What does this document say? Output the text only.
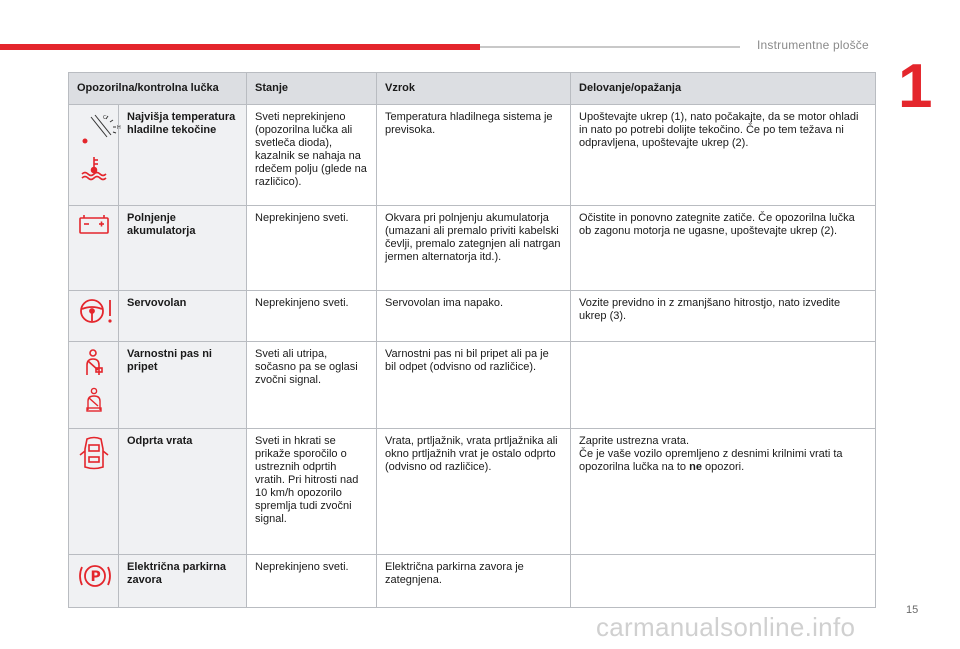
Instrumentne plošče
1
Opozorilna/kontrolna lučka		Stanje	Vzrok	Delovanje/opažanja

C
H	Najvišja temperatura hladilne tekočine	Sveti neprekinjeno (opozorilna lučka ali svetleča dioda), kazalnik se nahaja na rdečem polju (glede na različico).	Temperatura hladilnega sistema je previsoka.	Upoštevajte ukrep (1), nato počakajte, da se motor ohladi in nato po potrebi dolijte tekočino. Če po tem težava ni odpravljena, upoštevajte ukrep (2).

	Polnjenje akumulatorja	Neprekinjeno sveti.	Okvara pri polnjenju akumulatorja (umazani ali premalo priviti kabelski čevlji, premalo zategnjen ali natrgan jermen alternatorja itd.).	Očistite in ponovno zategnite zatiče. Če opozorilna lučka ob zagonu motorja ne ugasne, upoštevajte ukrep (2).

	Servovolan	Neprekinjeno sveti.	Servovolan ima napako.	Vozite previdno in z zmanjšano hitrostjo, nato izvedite ukrep (3).

	Varnostni pas ni pripet	Sveti ali utripa, sočasno pa se oglasi zvočni signal.	Varnostni pas ni bil pripet ali pa je bil odpet (odvisno od različice).	

	Odprta vrata	Sveti in hkrati se prikaže sporočilo o ustreznih odprtih vratih. Pri hitrosti nad 10 km/h opozorilo spremlja tudi zvočni signal.	Vrata, prtljažnik, vrata prtljažnika ali okno prtljažnih vrat je ostalo odprto (odvisno od različice).	Zaprite ustrezna vrata.
Če je vaše vozilo opremljeno z desnimi krilnimi vrati ta opozorilna lučka na to ne opozori.

P	Električna parkirna zavora	Neprekinjeno sveti.	Električna parkirna zavora je zategnjena.	
15
carmanualsonline.info
